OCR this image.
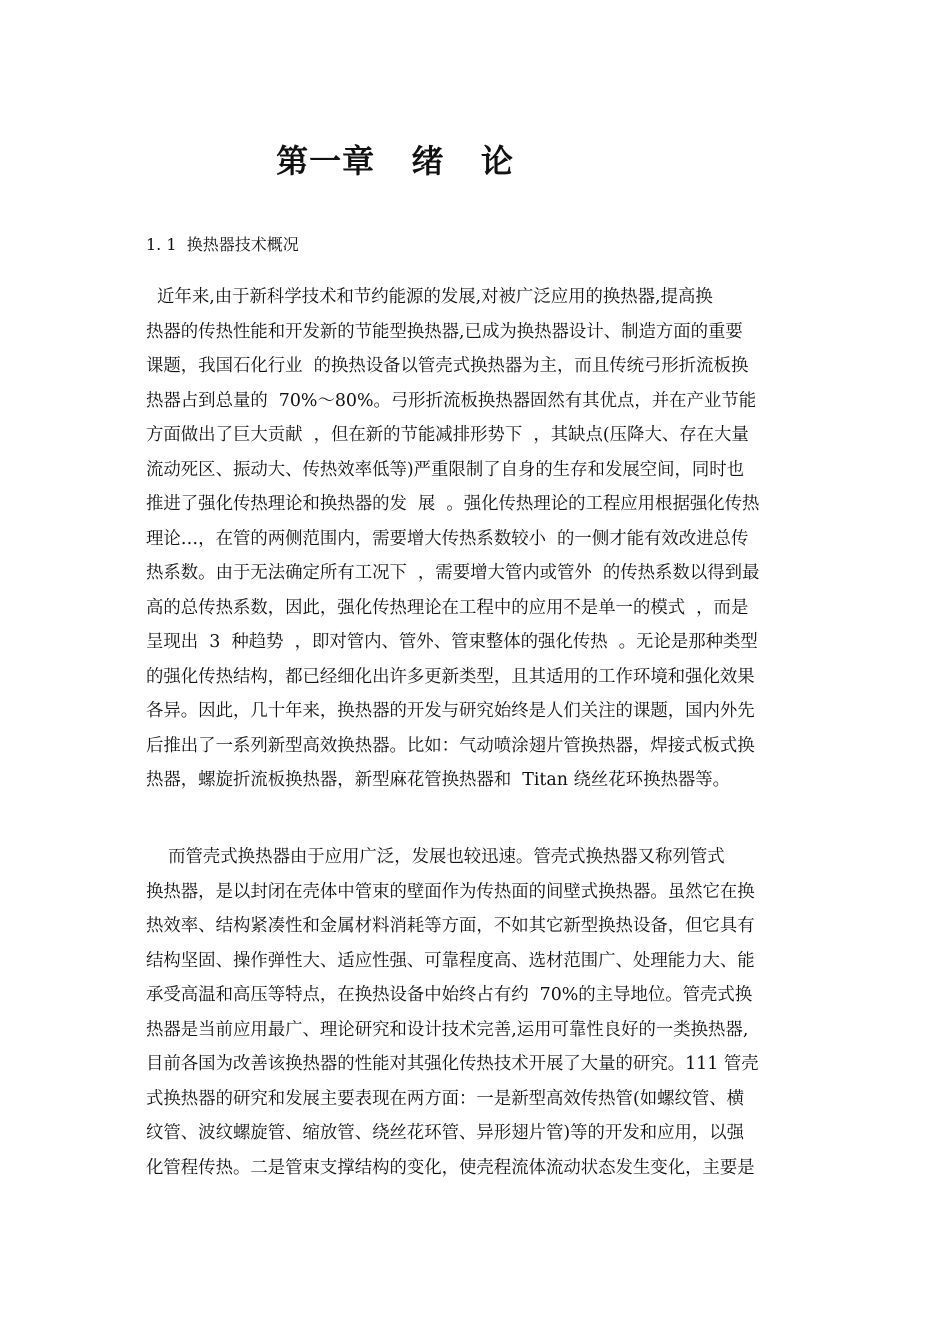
第一章   绪   论
1. 1  换热器技术概况
近年来,由于新科学技术和节约能源的发展,对被广泛应用的换热器,提高换
热器的传热性能和开发新的节能型换热器,已成为换热器设计、制造方面的重要
课题，我国石化行业  的换热设备以管壳式换热器为主，而且传统弓形折流板换
热器占到总量的  70%～80%。弓形折流板换热器固然有其优点，并在产业节能
方面做出了巨大贡献  ，但在新的节能减排形势下  ，其缺点(压降大、存在大量
流动死区、振动大、传热效率低等)严重限制了自身的生存和发展空间，同时也
推进了强化传热理论和换热器的发  展  。强化传热理论的工程应用根据强化传热
理论…，在管的两侧范围内，需要增大传热系数较小  的一侧才能有效改进总传
热系数。由于无法确定所有工况下  ，需要增大管内或管外  的传热系数以得到最
高的总传热系数，因此，强化传热理论在工程中的应用不是单一的模式  ，而是
呈现出  3  种趋势  ，即对管内、管外、管束整体的强化传热  。无论是那种类型
的强化传热结构，都已经细化出许多更新类型，且其适用的工作环境和强化效果
各异。因此，几十年来，换热器的开发与研究始终是人们关注的课题，国内外先
后推出了一系列新型高效换热器。比如：气动喷涂翅片管换热器，焊接式板式换
热器，螺旋折流板换热器，新型麻花管换热器和  Titan 绕丝花环换热器等。
而管壳式换热器由于应用广泛，发展也较迅速。管壳式换热器又称列管式
换热器，是以封闭在壳体中管束的壁面作为传热面的间壁式换热器。虽然它在换
热效率、结构紧凑性和金属材料消耗等方面，不如其它新型换热设备，但它具有
结构坚固、操作弹性大、适应性强、可靠程度高、选材范围广、处理能力大、能
承受高温和高压等特点，在换热设备中始终占有约  70%的主导地位。管壳式换
热器是当前应用最广、理论研究和设计技术完善,运用可靠性良好的一类换热器,
目前各国为改善该换热器的性能对其强化传热技术开展了大量的研究。111 管壳
式换热器的研究和发展主要表现在两方面：一是新型高效传热管(如螺纹管、横
纹管、波纹螺旋管、缩放管、绕丝花环管、异形翅片管)等的开发和应用，以强
化管程传热。二是管束支撑结构的变化，使壳程流体流动状态发生变化，主要是
